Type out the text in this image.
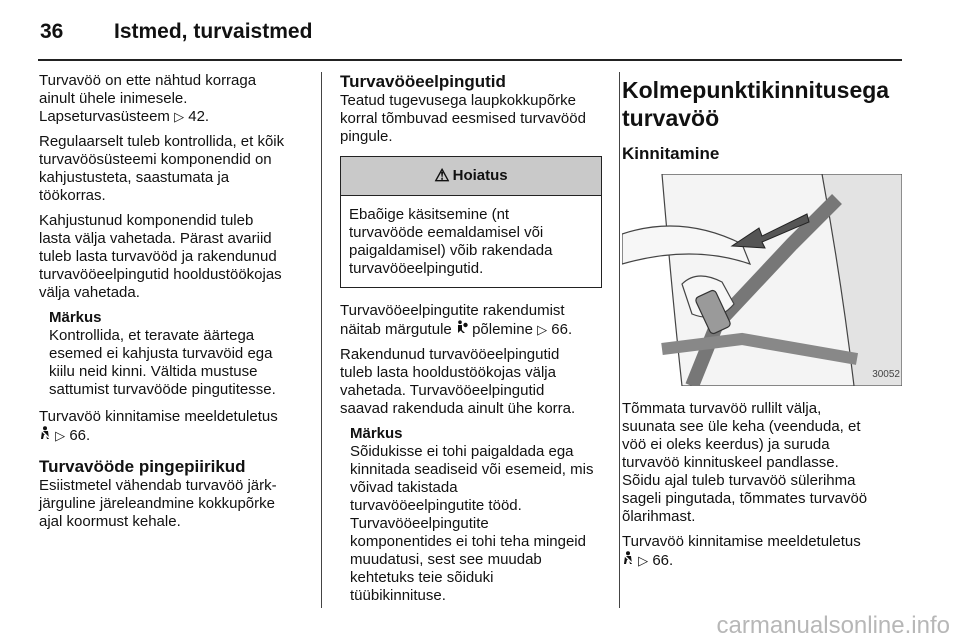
36	Istmed, turvaistmed

Turvavöö on ette nähtud korraga
ainult ühele inimesele.
Lapseturvasüsteem ▷ 42.

Regulaarselt tuleb kontrollida, et kõik
turvavöösüsteemi komponendid on
kahjustusteta, saastumata ja
töökorras.

Kahjustunud komponendid tuleb
lasta välja vahetada. Pärast avariid
tuleb lasta turvavööd ja rakendunud
turvavööeelpingutid hooldustöökojas
välja vahetada.

Märkus
Kontrollida, et teravate äärtega
esemed ei kahjusta turvavöid ega
kiilu neid kinni. Vältida mustuse
sattumist turvavööde pingutitesse.

Turvavöö kinnitamise meeldetuletus
▷ 66.

Turvavööde pingepiirikud

Esiistmetel vähendab turvavöö järk-
järguline järeleandmine kokkupõrke
ajal koormust kehale.

Turvavööeelpingutid

Teatud tugevusega laupkokkupõrke
korral tõmbuvad eesmised turvavööd
pingule.

⚠ Hoiatus
Ebaõige käsitsemine (nt
turvavööde eemaldamisel või
paigaldamisel) võib rakendada
turvavööeelpingutid.

Turvavööeelpingutite rakendumist
näitab märgutule  põlemine ▷ 66.

Rakendunud turvavööeelpingutid
tuleb lasta hooldustöökojas välja
vahetada. Turvavööeelpingutid
saavad rakenduda ainult ühe korra.

Märkus
Sõidukisse ei tohi paigaldada ega
kinnitada seadiseid või esemeid, mis
võivad takistada
turvavööeelpingutite tööd.
Turvavööeelpingutite
komponentides ei tohi teha mingeid
muudatusi, sest see muudab
kehtetuks teie sõiduki
tüübikinnituse.
Kolmepunktikinnitusega
turvavöö
Kinnitamine
30052

Tõmmata turvavöö rullilt välja,
suunata see üle keha (veenduda, et
vöö ei oleks keerdus) ja suruda
turvavöö kinnituskeel pandlasse.
Sõidu ajal tuleb turvavöö sülerihma
sageli pingutada, tõmmates turvavöö
õlarihmast.

Turvavöö kinnitamise meeldetuletus
▷ 66.

carmanualsonline.info
